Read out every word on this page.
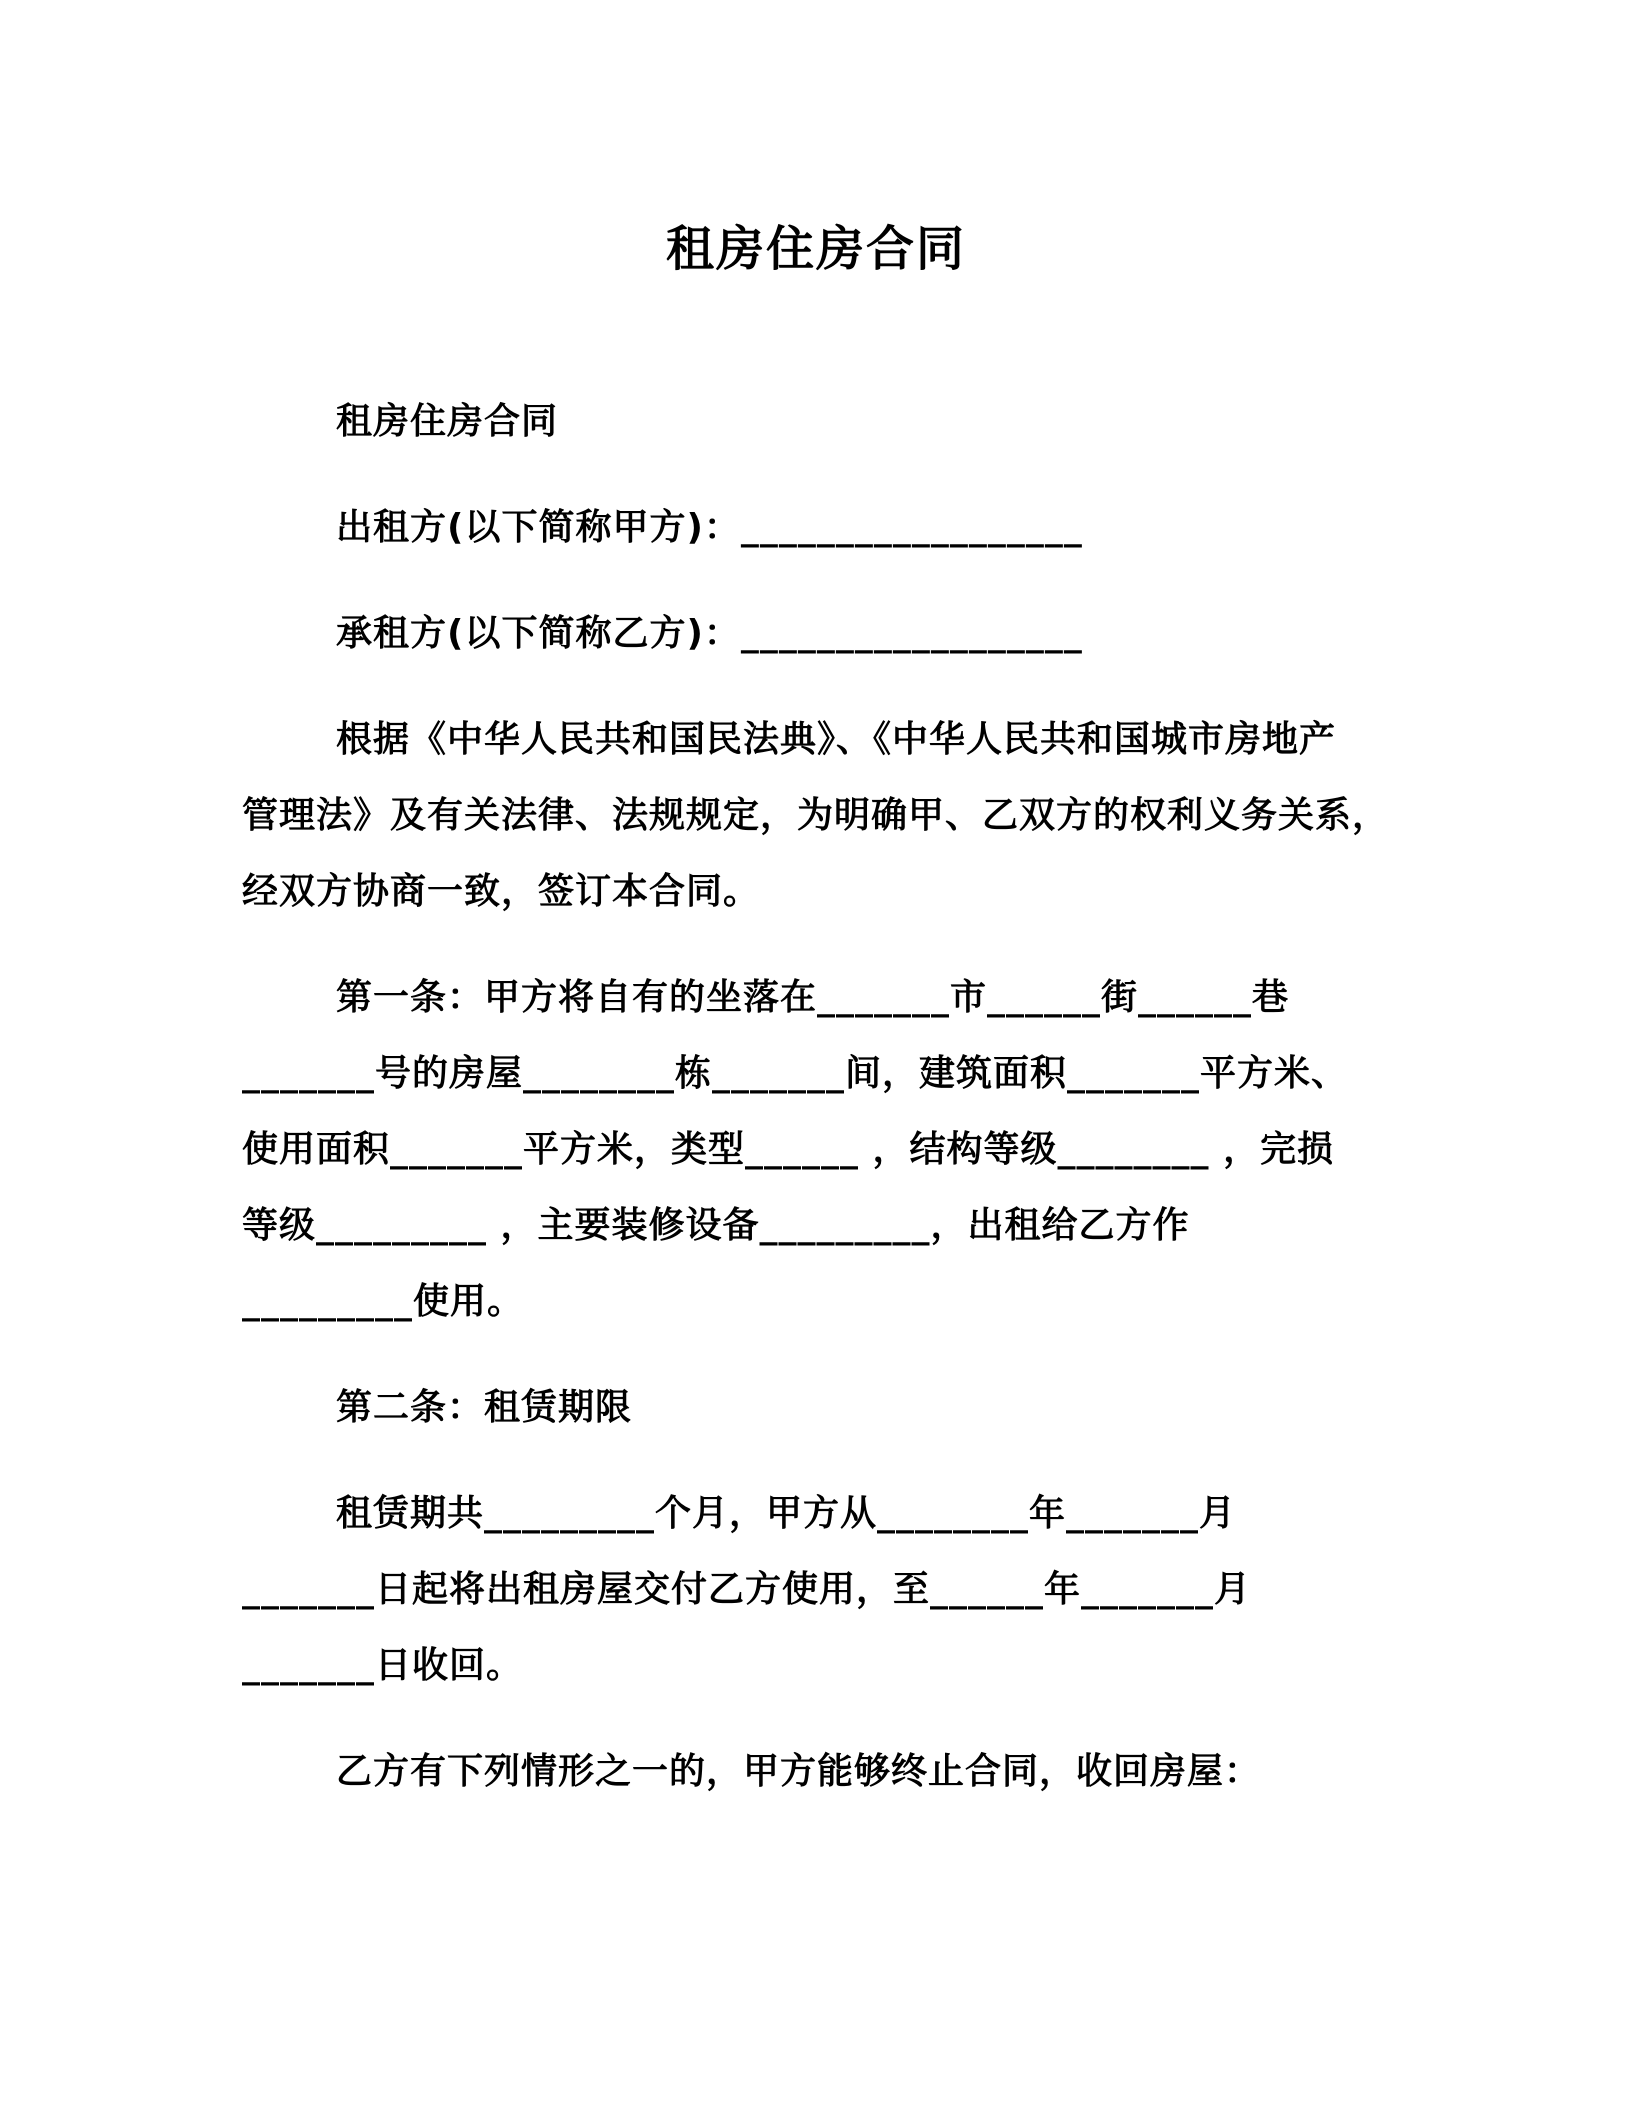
租房住房合同
租房住房合同
出租方(以下简称甲方)：__________________
承租方(以下简称乙方)：__________________
根据《中华人民共和国民法典》、《中华人民共和国城市房地产
管理法》及有关法律、法规规定，为明确甲、乙双方的权利义务关系，
经双方协商一致，签订本合同。
第一条：甲方将自有的坐落在_______市______街______巷
_______号的房屋________栋_______间，建筑面积_______平方米、
使用面积_______平方米，类型______ ，结构等级________ ，完损
等级_________ ，主要装修设备_________，出租给乙方作
_________使用。
第二条：租赁期限
租赁期共_________个月，甲方从________年_______月
_______日起将出租房屋交付乙方使用，至______年_______月
_______日收回。
乙方有下列情形之一的，甲方能够终止合同，收回房屋：
